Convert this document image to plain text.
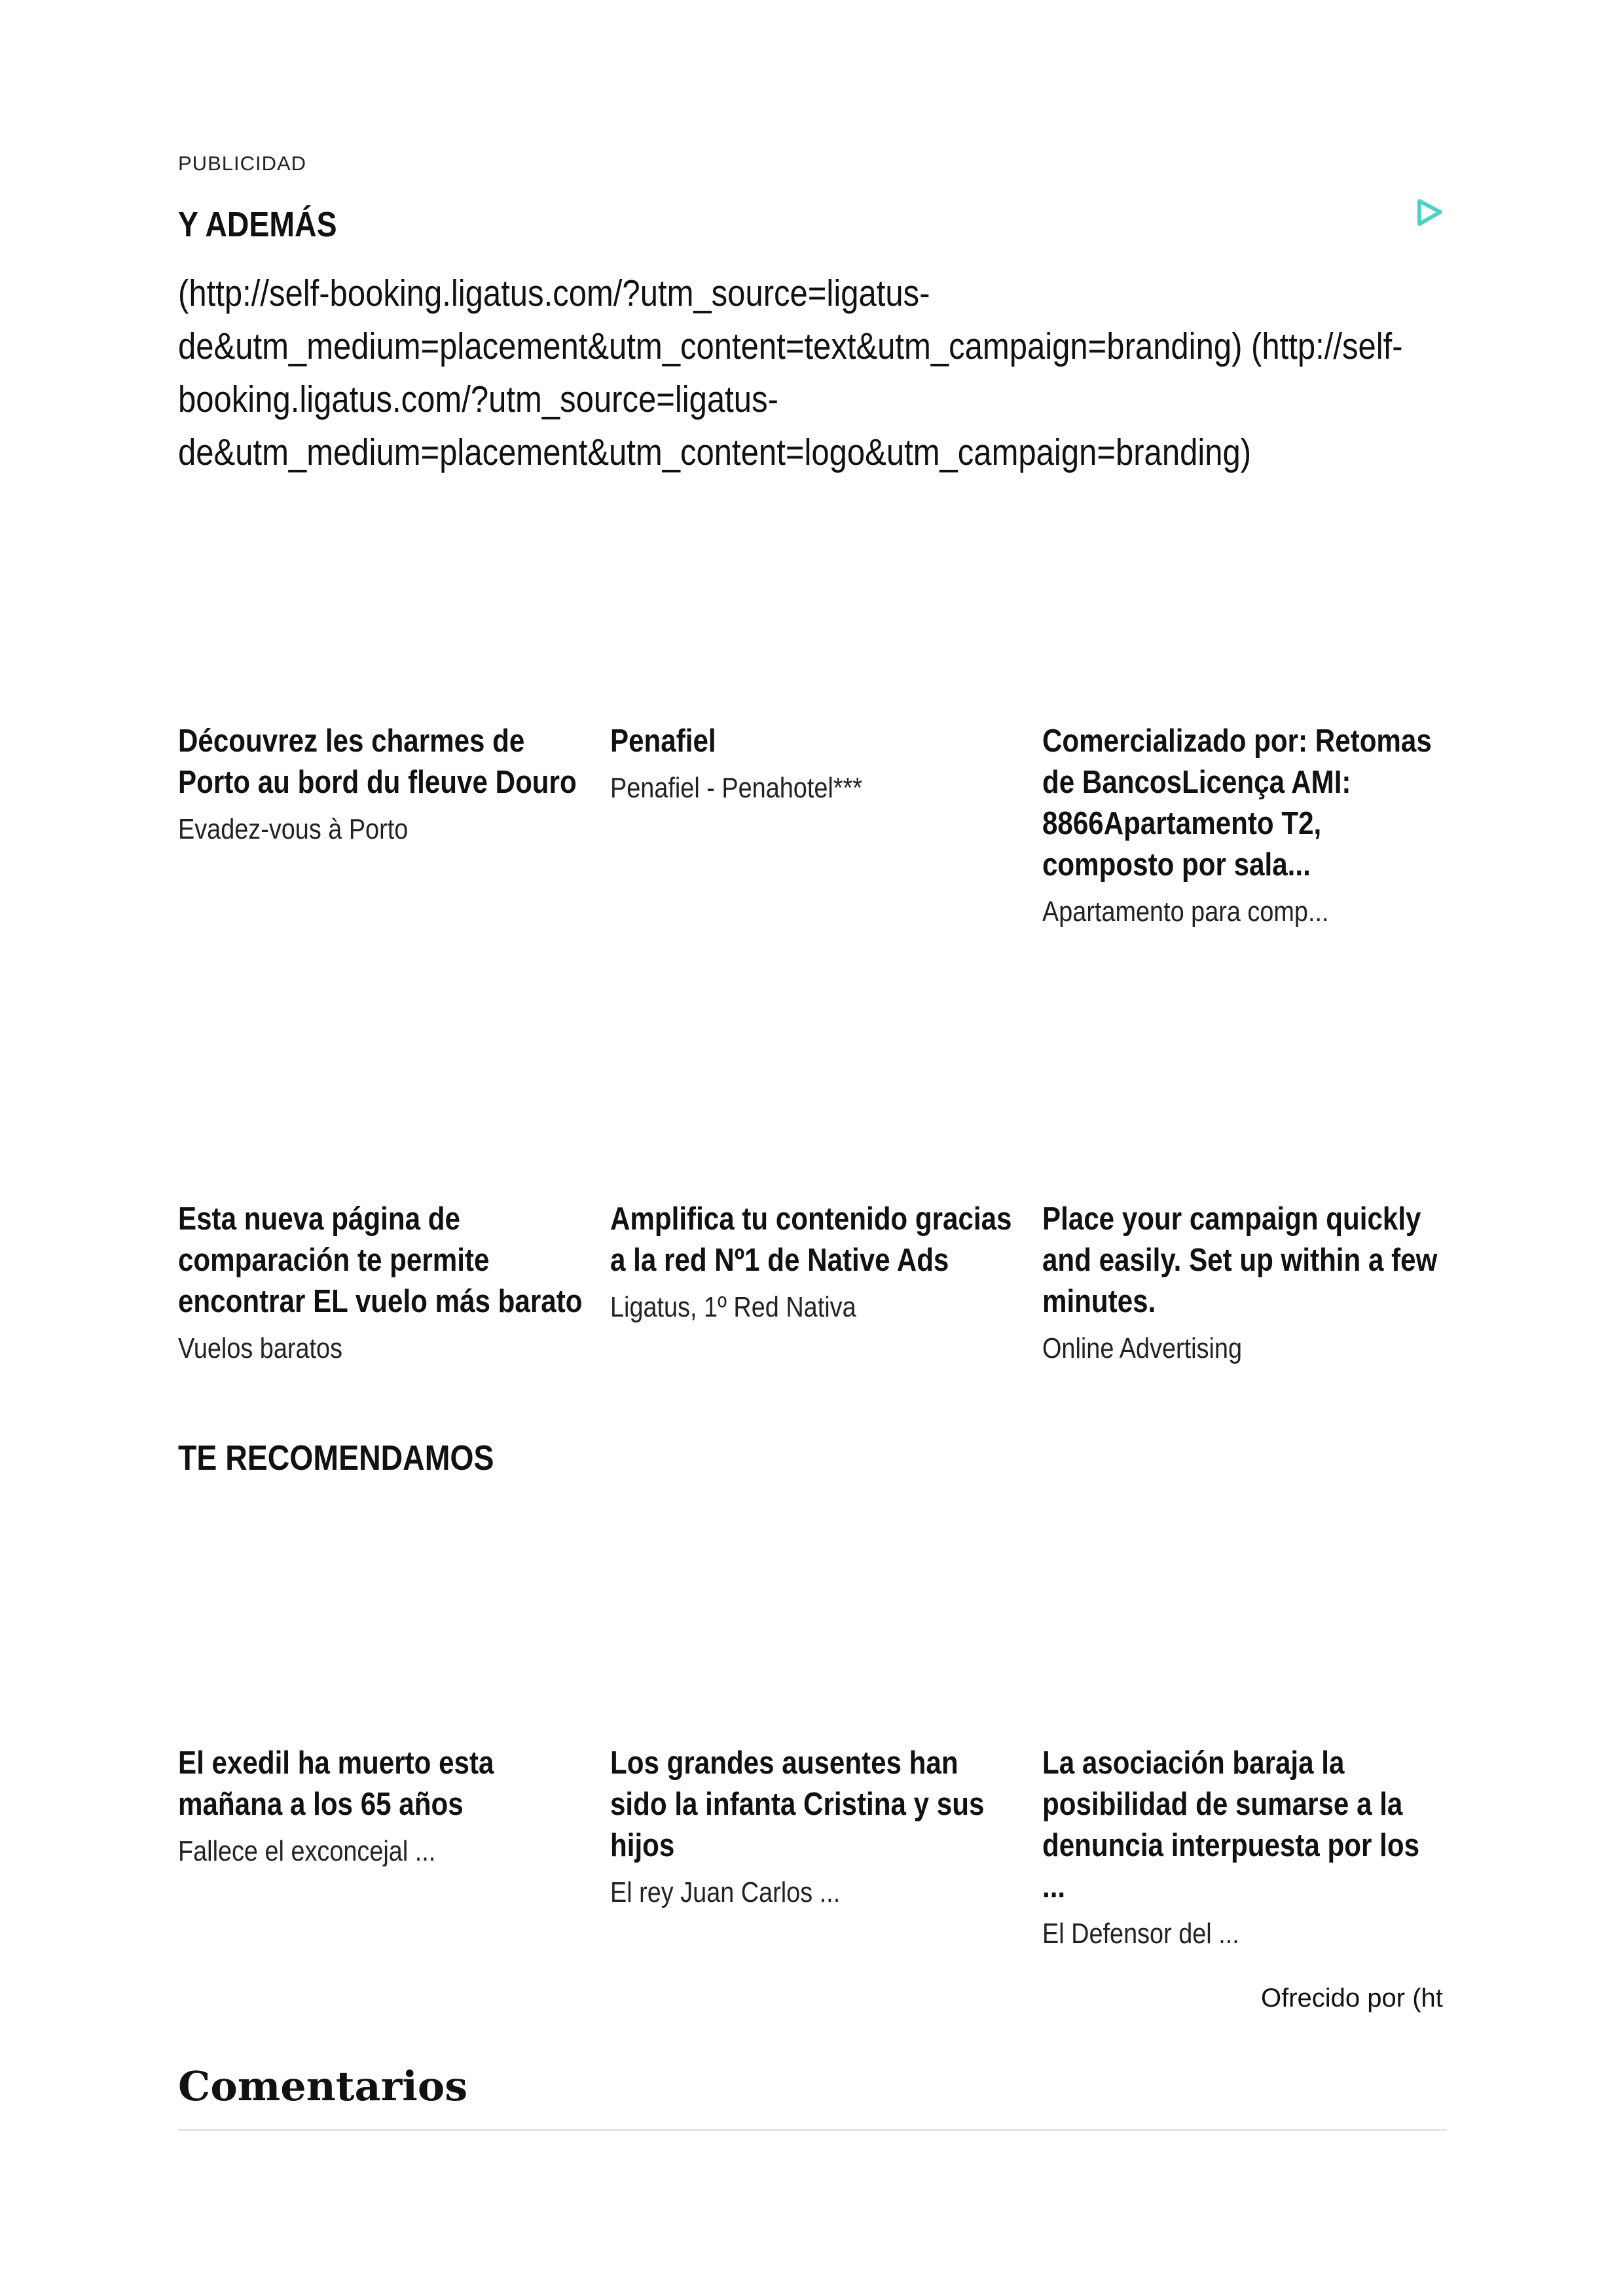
PUBLICIDAD
Y ADEMÁS
(http://self-booking.ligatus.com/?utm_source=ligatus-de&utm_medium=placement&utm_content=text&utm_campaign=branding) (http://self-booking.ligatus.com/?utm_source=ligatus-de&utm_medium=placement&utm_content=logo&utm_campaign=branding)
Découvrez les charmes de Porto au bord du fleuve Douro
Evadez-vous à Porto
Penafiel
Penafiel - Penahotel***
Comercializado por: Retomas de BancosLicença AMI: 8866Apartamento T2, composto por sala...
Apartamento para comp...
Esta nueva página de comparación te permite encontrar EL vuelo más barato
Vuelos baratos
Amplifica tu contenido gracias a la red Nº1 de Native Ads
Ligatus, 1º Red Nativa
Place your campaign quickly and easily. Set up within a few minutes.
Online Advertising
TE RECOMENDAMOS
El exedil ha muerto esta mañana a los 65 años
Fallece el exconcejal ...
Los grandes ausentes han sido la infanta Cristina y sus hijos
El rey Juan Carlos ...
La asociación baraja la posibilidad de sumarse a la denuncia interpuesta por los ...
El Defensor del ...
Ofrecido por (ht
Comentarios
